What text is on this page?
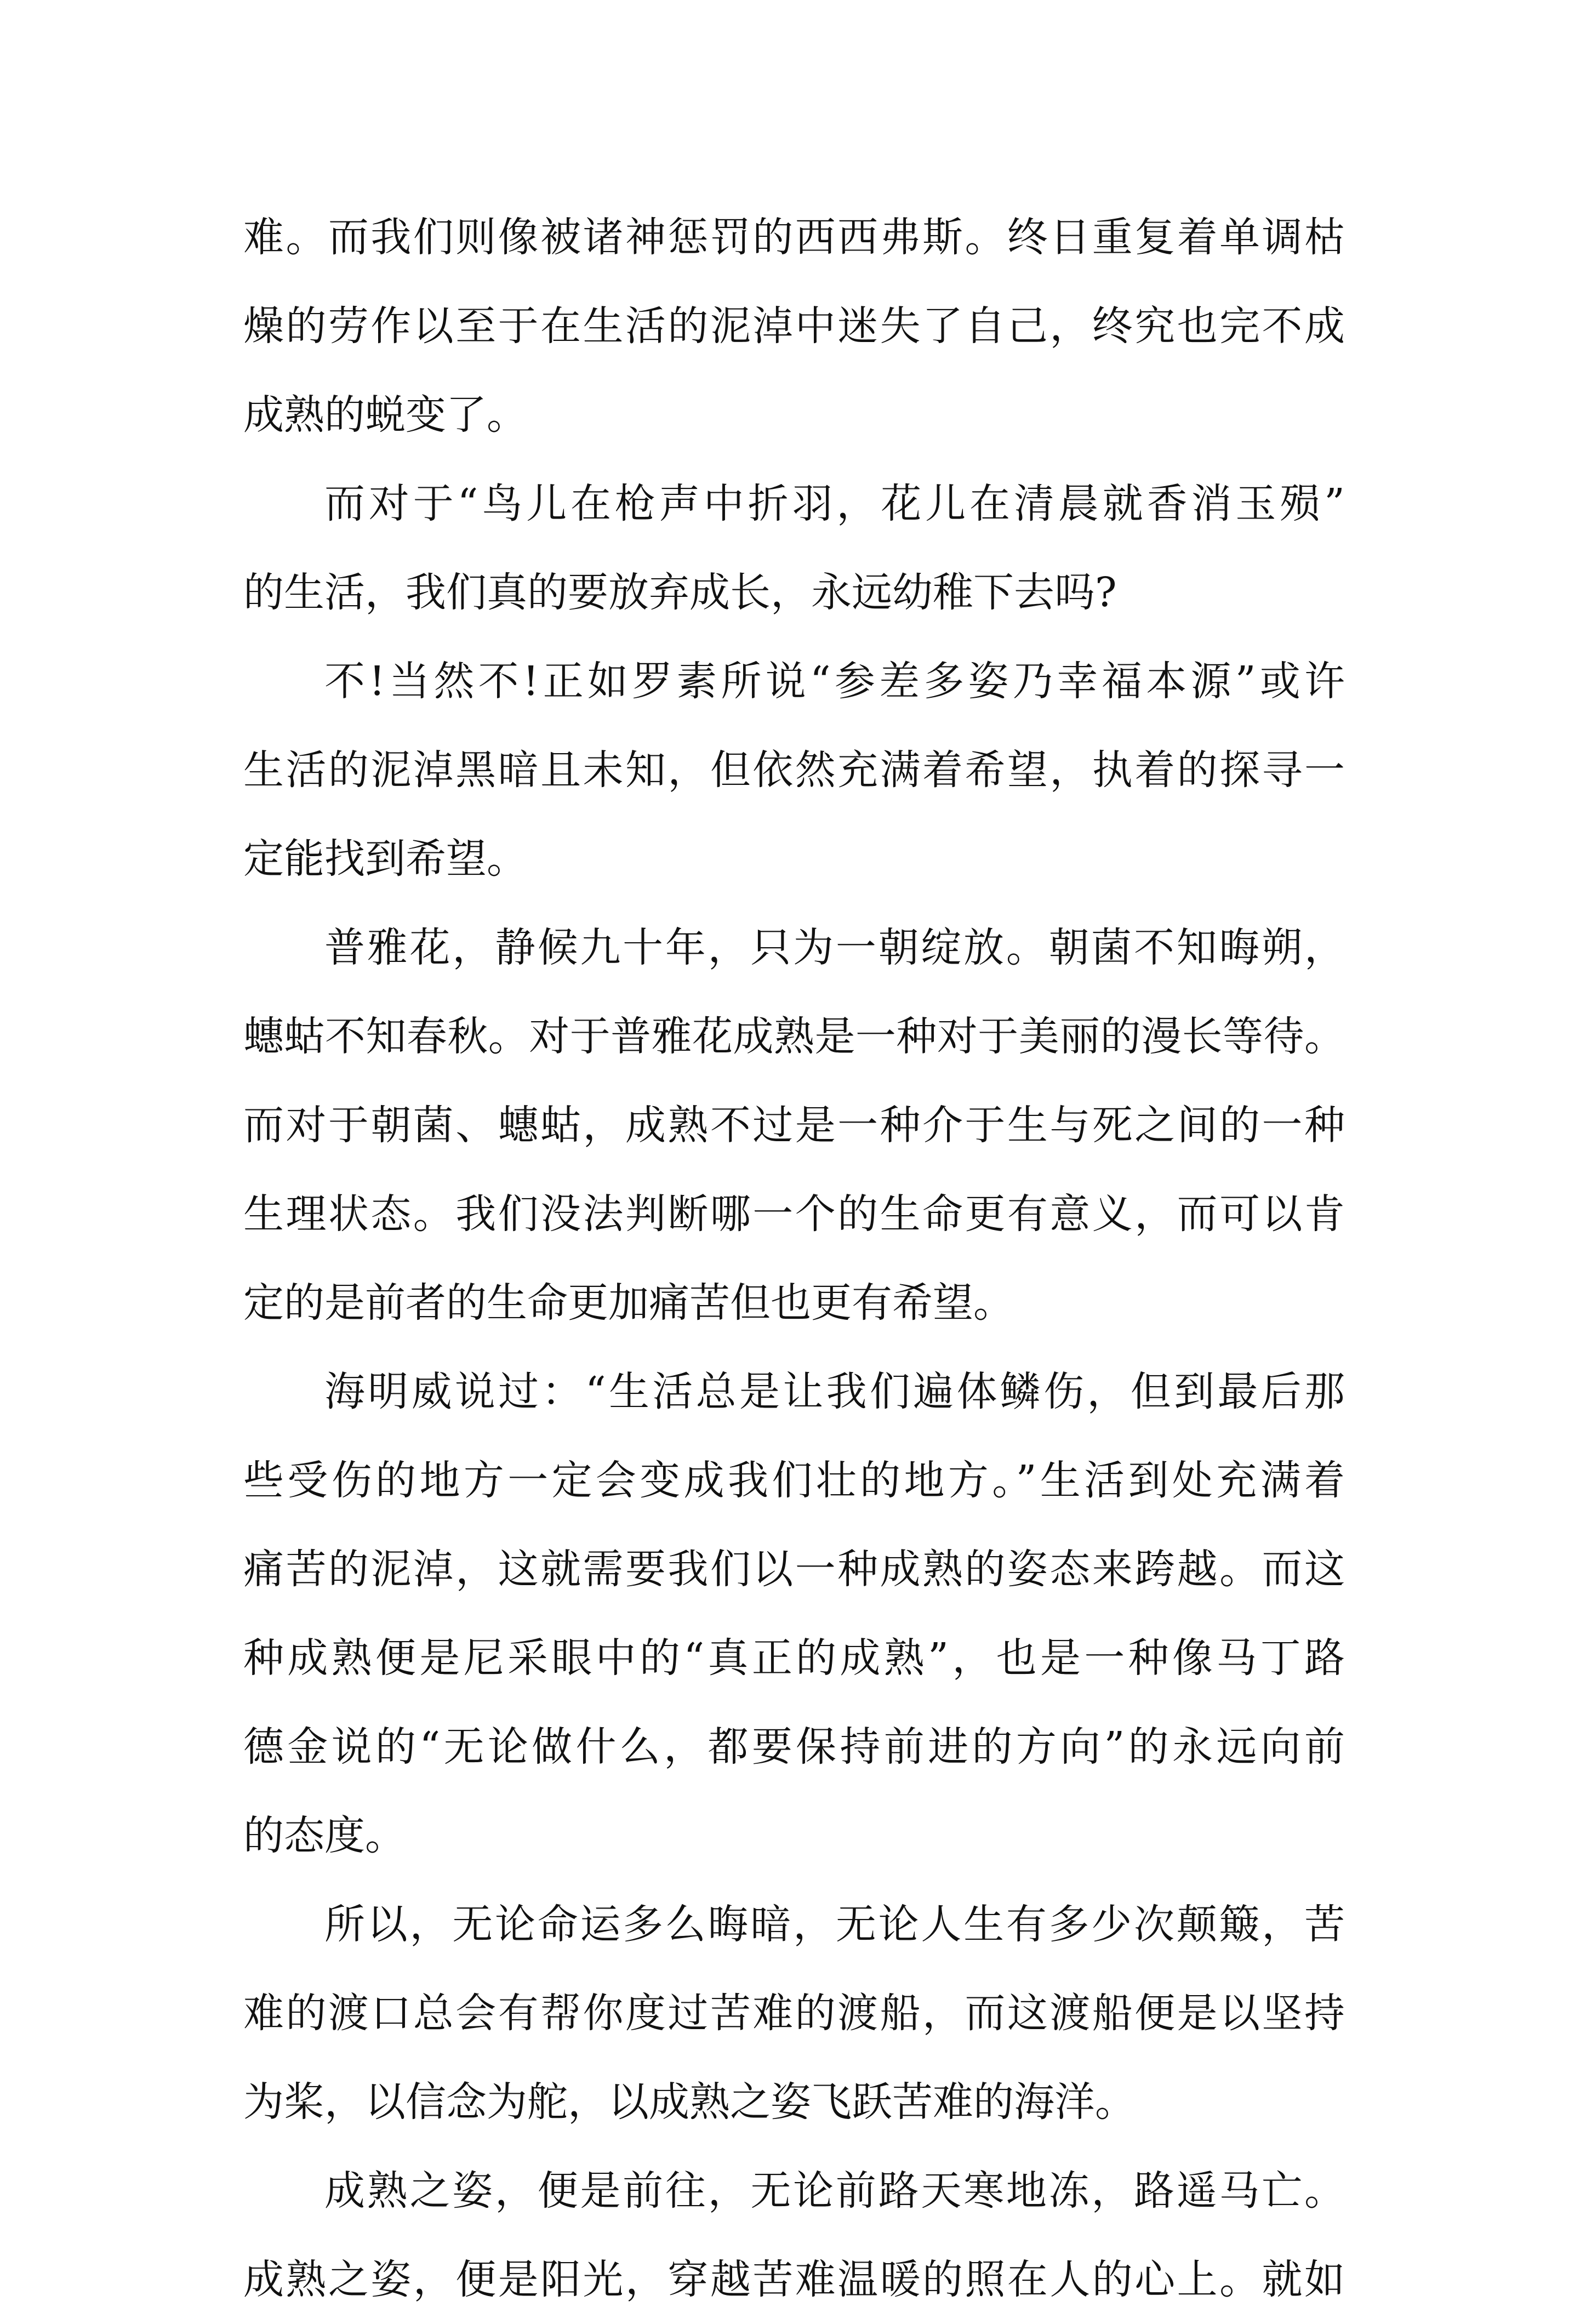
难。而我们则像被诸神惩罚的西西弗斯。终日重复着单调枯
燥的劳作以至于在生活的泥淖中迷失了自己，终究也完不成
成熟的蜕变了。
而对于“鸟儿在枪声中折羽，花儿在清晨就香消玉殒”
的生活，我们真的要放弃成长，永远幼稚下去吗?
不!当然不!正如罗素所说“参差多姿乃幸福本源”或许
生活的泥淖黑暗且未知，但依然充满着希望，执着的探寻一
定能找到希望。
普雅花，静候九十年，只为一朝绽放。朝菌不知晦朔，
蟪蛄不知春秋。对于普雅花成熟是一种对于美丽的漫长等待。
而对于朝菌、蟪蛄，成熟不过是一种介于生与死之间的一种
生理状态。我们没法判断哪一个的生命更有意义，而可以肯
定的是前者的生命更加痛苦但也更有希望。
海明威说过：“生活总是让我们遍体鳞伤，但到最后那
些受伤的地方一定会变成我们壮的地方。”生活到处充满着
痛苦的泥淖，这就需要我们以一种成熟的姿态来跨越。而这
种成熟便是尼采眼中的“真正的成熟”，也是一种像马丁路
德金说的“无论做什么，都要保持前进的方向”的永远向前
的态度。
所以，无论命运多么晦暗，无论人生有多少次颠簸，苦
难的渡口总会有帮你度过苦难的渡船，而这渡船便是以坚持
为桨，以信念为舵，以成熟之姿飞跃苦难的海洋。
成熟之姿，便是前往，无论前路天寒地冻，路遥马亡。
成熟之姿，便是阳光，穿越苦难温暖的照在人的心上。就如
